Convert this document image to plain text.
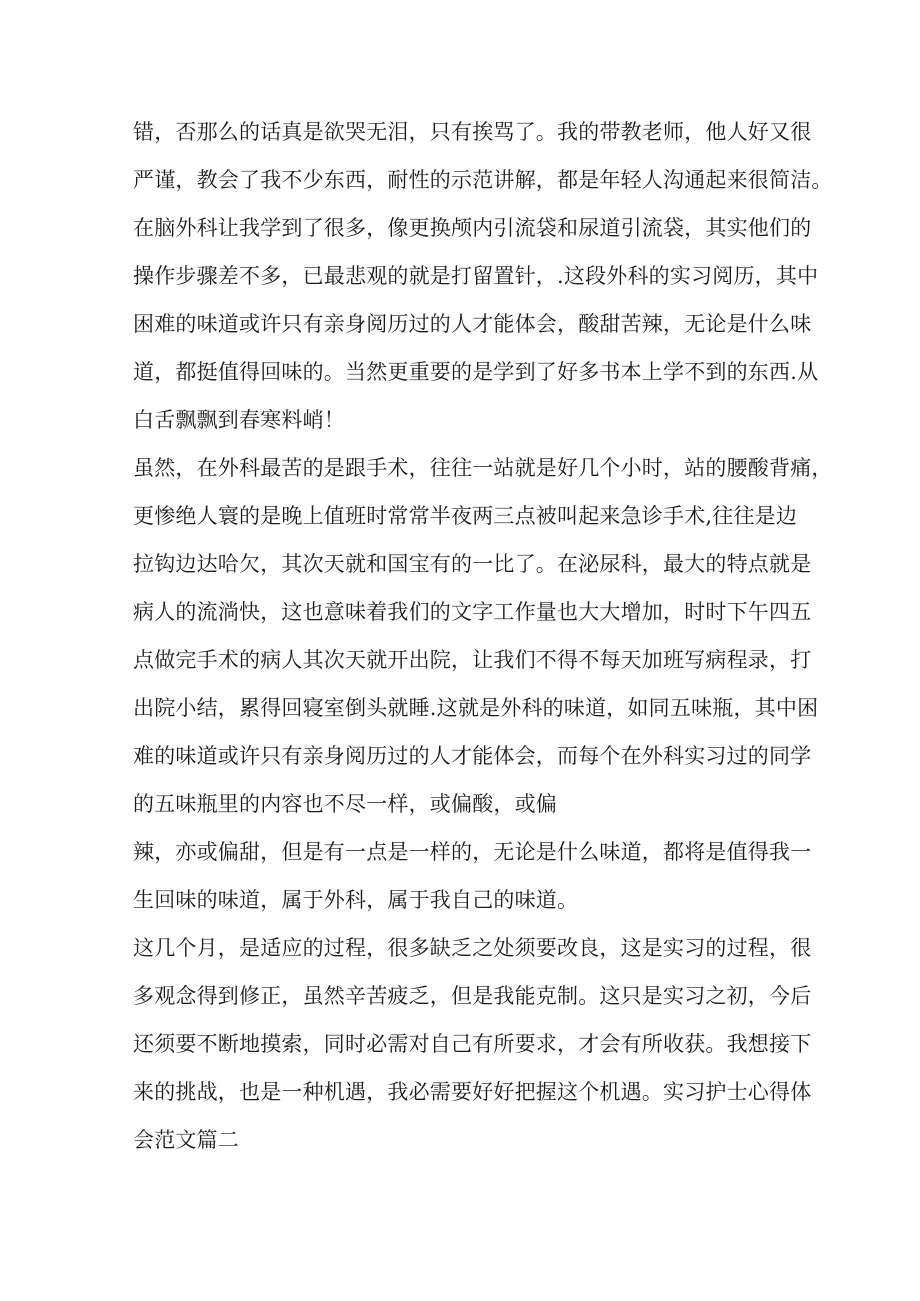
错，否那么的话真是欲哭无泪，只有挨骂了。我的带教老师，他人好又很
严谨，教会了我不少东西，耐性的示范讲解，都是年轻人沟通起来很简洁。
在脑外科让我学到了很多，像更换颅内引流袋和尿道引流袋，其实他们的
操作步骤差不多，已最悲观的就是打留置针，.这段外科的实习阅历，其中
困难的味道或许只有亲身阅历过的人才能体会，酸甜苦辣，无论是什么味
道，都挺值得回味的。当然更重要的是学到了好多书本上学不到的东西.从
白舌飘飘到春寒料峭！
虽然，在外科最苦的是跟手术，往往一站就是好几个小时，站的腰酸背痛，
更惨绝人寰的是晚上值班时常常半夜两三点被叫起来急诊手术,往往是边
拉钩边达哈欠，其次天就和国宝有的一比了。在泌尿科，最大的特点就是
病人的流淌快，这也意味着我们的文字工作量也大大增加，时时下午四五
点做完手术的病人其次天就开出院，让我们不得不每天加班写病程录，打
出院小结，累得回寝室倒头就睡.这就是外科的味道，如同五味瓶，其中困
难的味道或许只有亲身阅历过的人才能体会，而每个在外科实习过的同学
的五味瓶里的内容也不尽一样，或偏酸，或偏
辣，亦或偏甜，但是有一点是一样的，无论是什么味道，都将是值得我一
生回味的味道，属于外科，属于我自己的味道。
这几个月，是适应的过程，很多缺乏之处须要改良，这是实习的过程，很
多观念得到修正，虽然辛苦疲乏，但是我能克制。这只是实习之初，今后
还须要不断地摸索，同时必需对自己有所要求，才会有所收获。我想接下
来的挑战，也是一种机遇，我必需要好好把握这个机遇。实习护士心得体
会范文篇二
